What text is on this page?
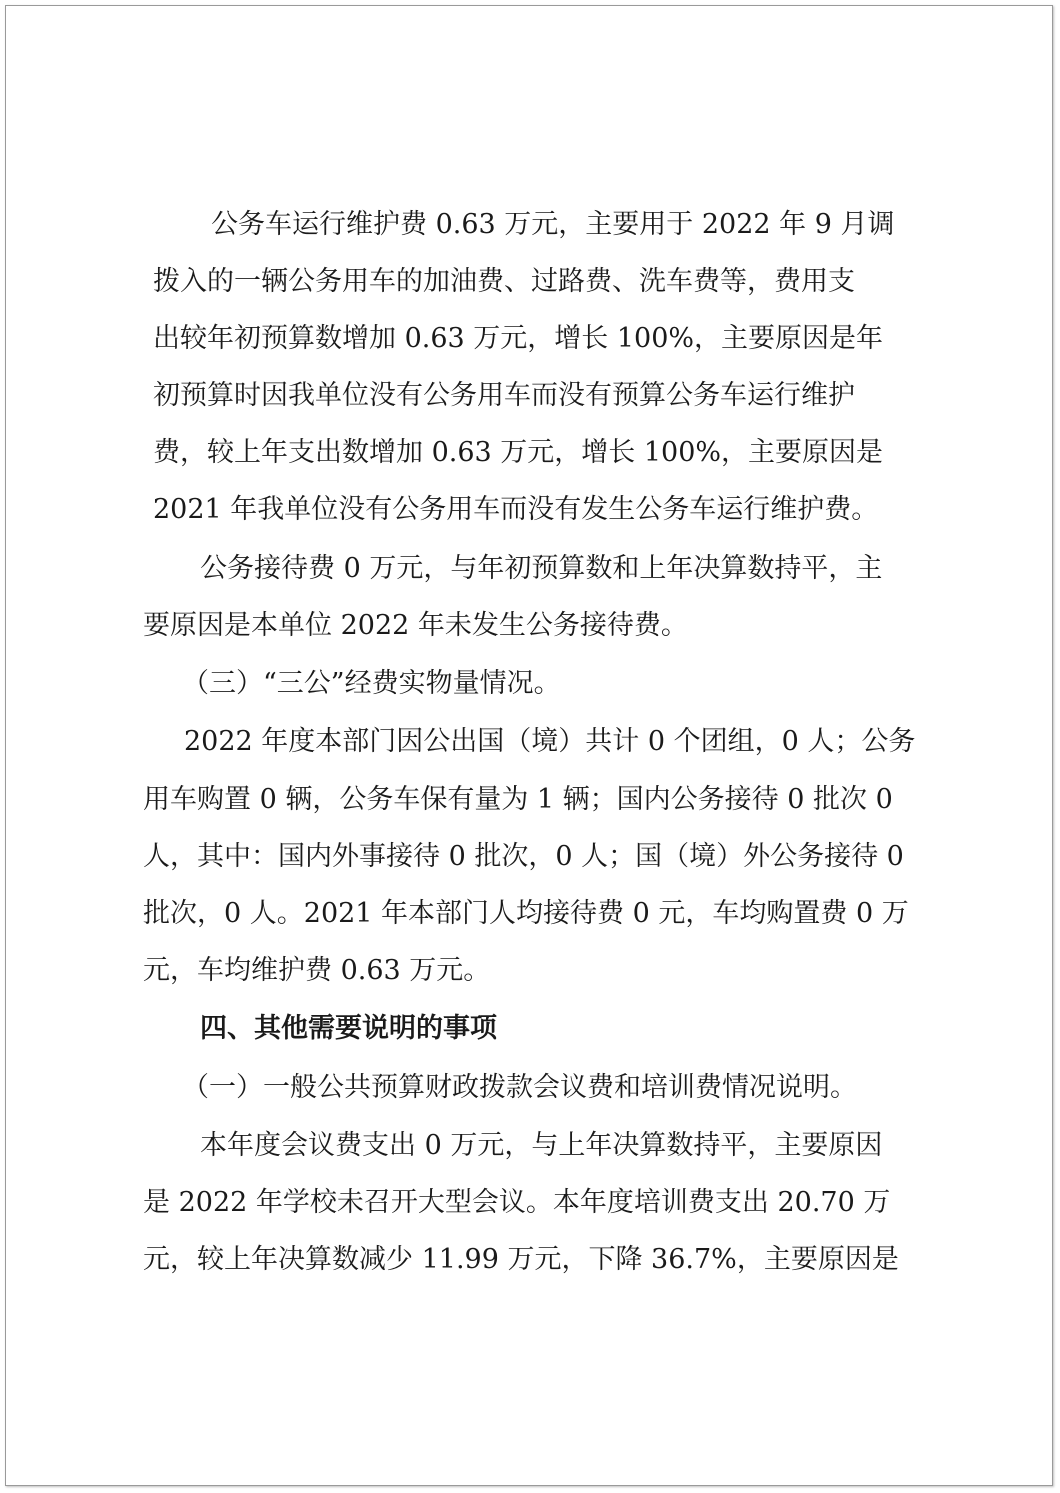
公务车运行维护费 0.63 万元，主要用于 2022 年 9 月调

拨入的一辆公务用车的加油费、过路费、洗车费等，费用支

出较年初预算数增加 0.63 万元，增长 100%，主要原因是年

初预算时因我单位没有公务用车而没有预算公务车运行维护

费，较上年支出数增加 0.63 万元，增长 100%，主要原因是

2021 年我单位没有公务用车而没有发生公务车运行维护费。

公务接待费 0 万元，与年初预算数和上年决算数持平，主

要原因是本单位 2022 年未发生公务接待费。

（三）“三公”经费实物量情况。

2022 年度本部门因公出国（境）共计 0 个团组，0 人；公务

用车购置 0 辆，公务车保有量为 1 辆；国内公务接待 0 批次 0

人，其中：国内外事接待 0 批次，0 人；国（境）外公务接待 0

批次，0 人。2021 年本部门人均接待费 0 元，车均购置费 0 万

元，车均维护费 0.63 万元。

四、其他需要说明的事项

（一）一般公共预算财政拨款会议费和培训费情况说明。

本年度会议费支出 0 万元，与上年决算数持平，主要原因

是 2022 年学校未召开大型会议。本年度培训费支出 20.70 万

元，较上年决算数减少 11.99 万元，下降 36.7%，主要原因是
